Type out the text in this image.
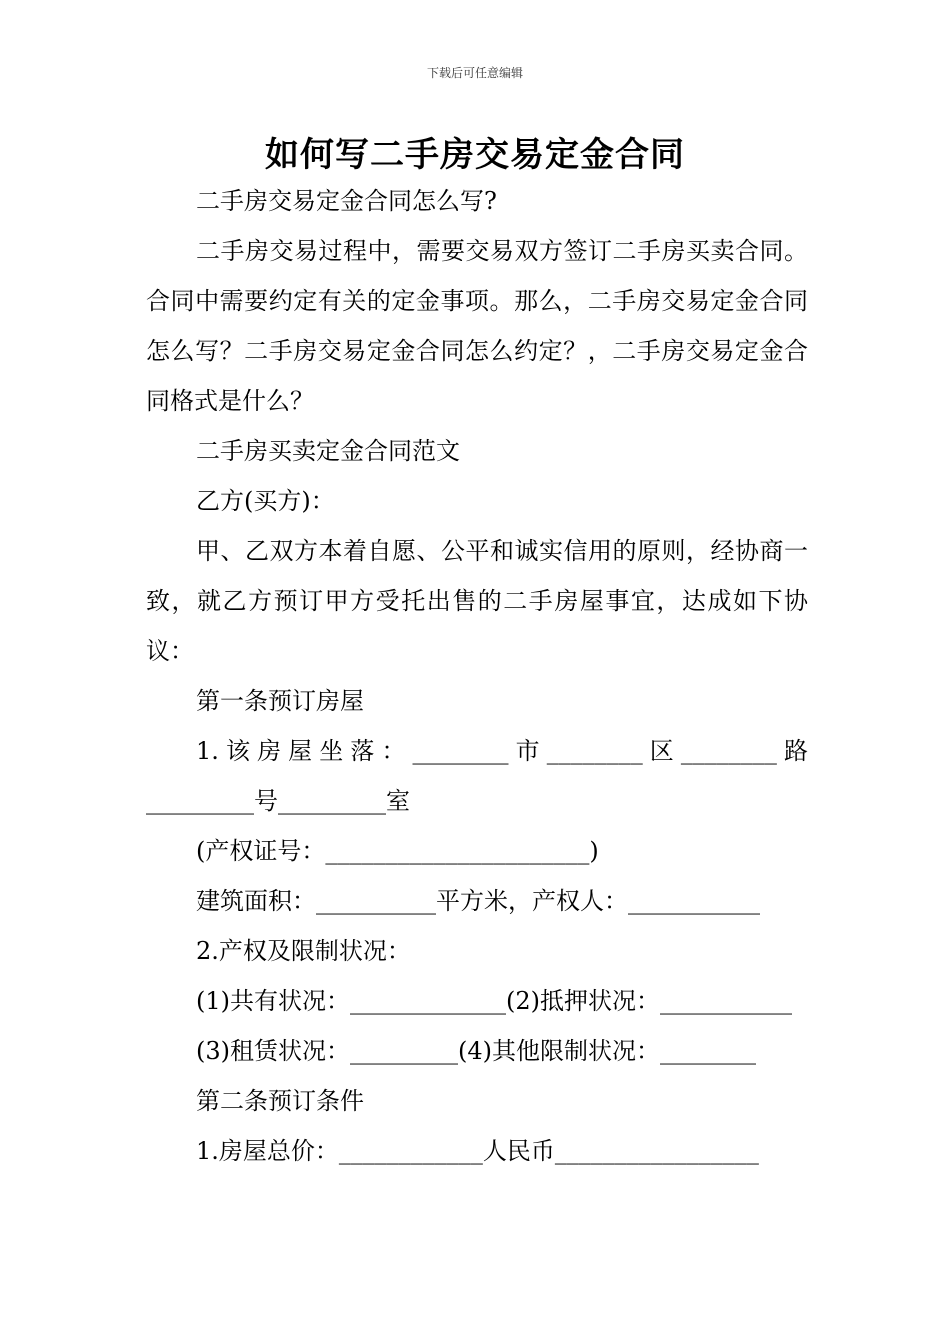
下载后可任意编辑
如何写二手房交易定金合同

二手房交易定金合同怎么写?

二手房交易过程中，需要交易双方签订二手房买卖合同。合同中需要约定有关的定金事项。那么，二手房交易定金合同怎么写？二手房交易定金合同怎么约定？，二手房交易定金合同格式是什么？

二手房买卖定金合同范文

乙方(买方)：

甲、乙双方本着自愿、公平和诚实信用的原则，经协商一致，就乙方预订甲方受托出售的二手房屋事宜，达成如下协议：

第一条预订房屋

1.该房屋坐落：________市________区________路_________号_________室

(产权证号：______________________)

建筑面积：__________平方米，产权人：___________

2.产权及限制状况：

(1)共有状况：_____________(2)抵押状况：___________

(3)租赁状况：_________(4)其他限制状况：________

第二条预订条件

1.房屋总价：____________人民币_________________
